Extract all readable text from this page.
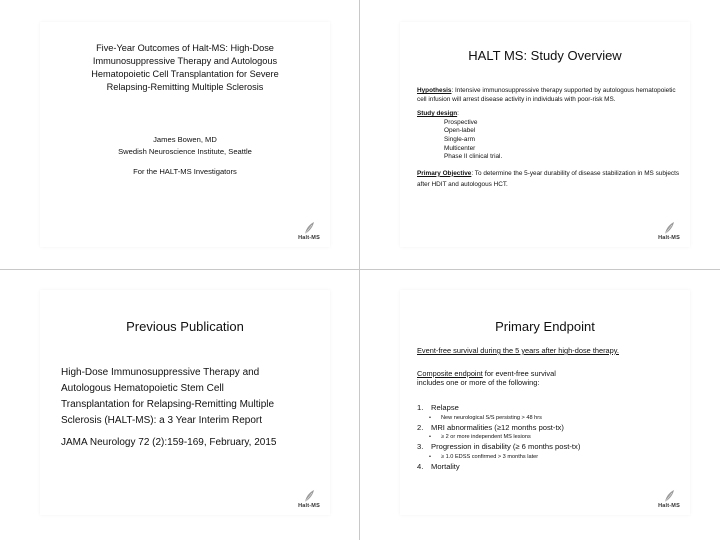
Five-Year Outcomes of Halt-MS: High-Dose
Immunosuppressive Therapy and Autologous
Hematopoietic Cell Transplantation for Severe
Relapsing-Remitting Multiple Sclerosis
James Bowen, MD
Swedish Neuroscience Institute, Seattle
For the HALT-MS Investigators
Halt-MS
HALT MS: Study Overview
Hypothesis: Intensive immunosuppressive therapy supported by autologous hematopoietic cell infusion will arrest disease activity in individuals with poor-risk MS.
Study design:
Prospective
Open-label
Single-arm
Multicenter
Phase II clinical trial.
Primary Objective: To determine the 5-year durability of disease stabilization in MS subjects after HDIT and autologous HCT.
Halt-MS
Previous Publication
High-Dose Immunosuppressive Therapy and
Autologous Hematopoietic Stem Cell
Transplantation for Relapsing-Remitting Multiple
Sclerosis (HALT-MS): a 3 Year Interim Report
JAMA Neurology 72 (2):159-169, February, 2015
Halt-MS
Primary Endpoint
Event-free survival during the 5 years after high-dose therapy.
Composite endpoint for event-free survival
includes one or more of the following:
1. Relapse
• New neurological S/S persisting > 48 hrs
2. MRI abnormalities (≥12 months post-tx)
• ≥ 2 or more independent MS lesions
3. Progression in disability (≥ 6 months post-tx)
• ≥ 1.0 EDSS confirmed > 3 months later
4. Mortality
Halt-MS
